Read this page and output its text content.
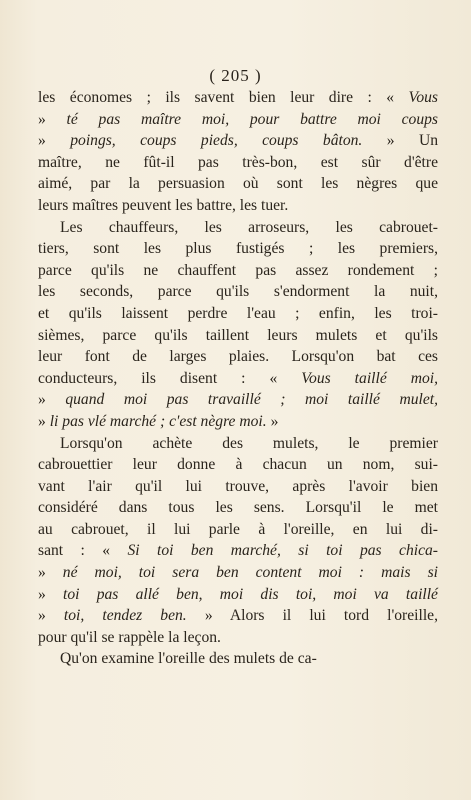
( 205 )
les économes ; ils savent bien leur dire : « Vous
» té pas maître moi, pour battre moi coups
» poings, coups pieds, coups bâton. » Un
maître, ne fût-il pas très-bon, est sûr d'être
aimé, par la persuasion où sont les nègres que
leurs maîtres peuvent les battre, les tuer.
Les chauffeurs, les arroseurs, les cabrouet-
tiers, sont les plus fustigés ; les premiers,
parce qu'ils ne chauffent pas assez rondement ;
les seconds, parce qu'ils s'endorment la nuit,
et qu'ils laissent perdre l'eau ; enfin, les troi-
sièmes, parce qu'ils taillent leurs mulets et qu'ils
leur font de larges plaies. Lorsqu'on bat ces
conducteurs, ils disent : « Vous taillé moi,
» quand moi pas travaillé ; moi taillé mulet,
» li pas vlé marché ; c'est nègre moi. »
Lorsqu'on achète des mulets, le premier
cabrouettier leur donne à chacun un nom, sui-
vant l'air qu'il lui trouve, après l'avoir bien
considéré dans tous les sens. Lorsqu'il le met
au cabrouet, il lui parle à l'oreille, en lui di-
sant : « Si toi ben marché, si toi pas chica-
» né moi, toi sera ben content moi : mais si
» toi pas allé ben, moi dis toi, moi va taillé
» toi, tendez ben. » Alors il lui tord l'oreille,
pour qu'il se rappèle la leçon.
Qu'on examine l'oreille des mulets de ca-
